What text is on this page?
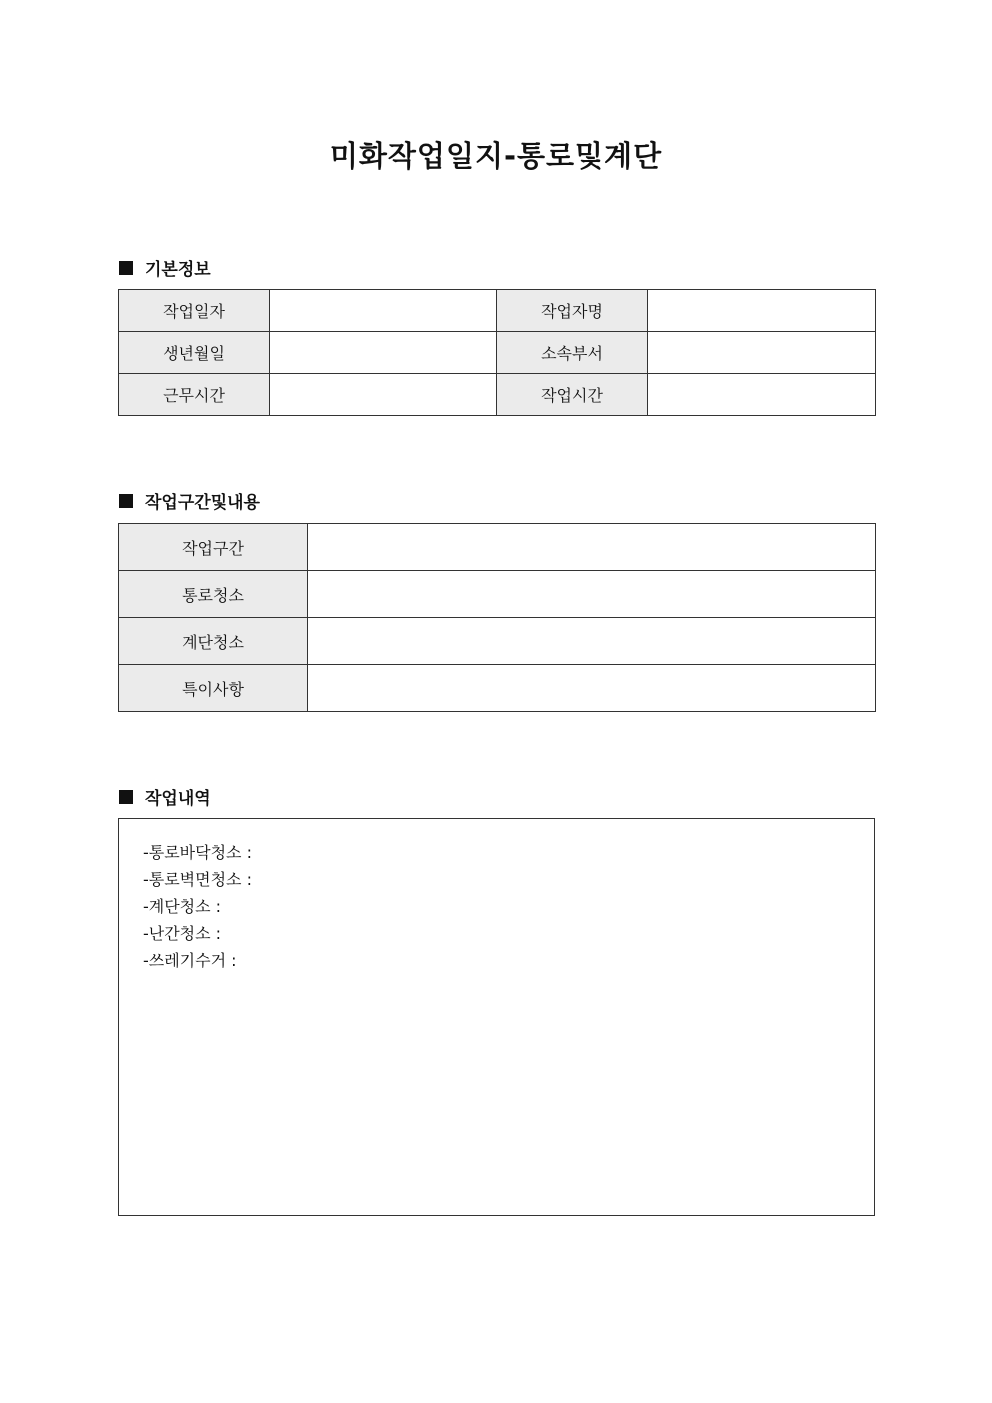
미화작업일지-통로및계단
기본정보
작업일자		작업자명	
생년월일		소속부서	
근무시간		작업시간	
작업구간및내용
작업구간	
통로청소	
계단청소	
특이사항	
작업내역
-통로바닥청소 :
-통로벽면청소 :
-계단청소 :
-난간청소 :
-쓰레기수거 :
